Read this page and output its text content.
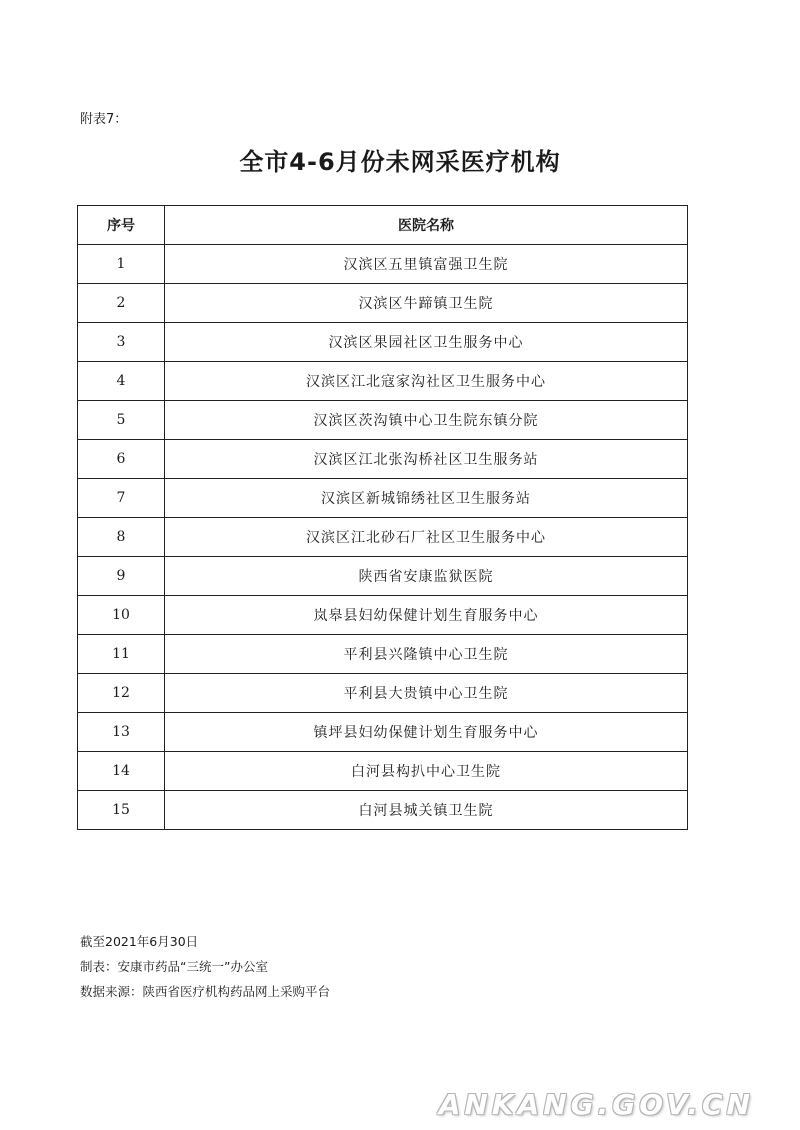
附表7：
全市4-6月份未网采医疗机构
序号	医院名称
1	汉滨区五里镇富强卫生院
2	汉滨区牛蹄镇卫生院
3	汉滨区果园社区卫生服务中心
4	汉滨区江北寇家沟社区卫生服务中心
5	汉滨区茨沟镇中心卫生院东镇分院
6	汉滨区江北张沟桥社区卫生服务站
7	汉滨区新城锦绣社区卫生服务站
8	汉滨区江北砂石厂社区卫生服务中心
9	陕西省安康监狱医院
10	岚皋县妇幼保健计划生育服务中心
11	平利县兴隆镇中心卫生院
12	平利县大贵镇中心卫生院
13	镇坪县妇幼保健计划生育服务中心
14	白河县构扒中心卫生院
15	白河县城关镇卫生院
截至2021年6月30日
制表：安康市药品“三统一”办公室
数据来源：陕西省医疗机构药品网上采购平台
ANKANG.GOV.CN
